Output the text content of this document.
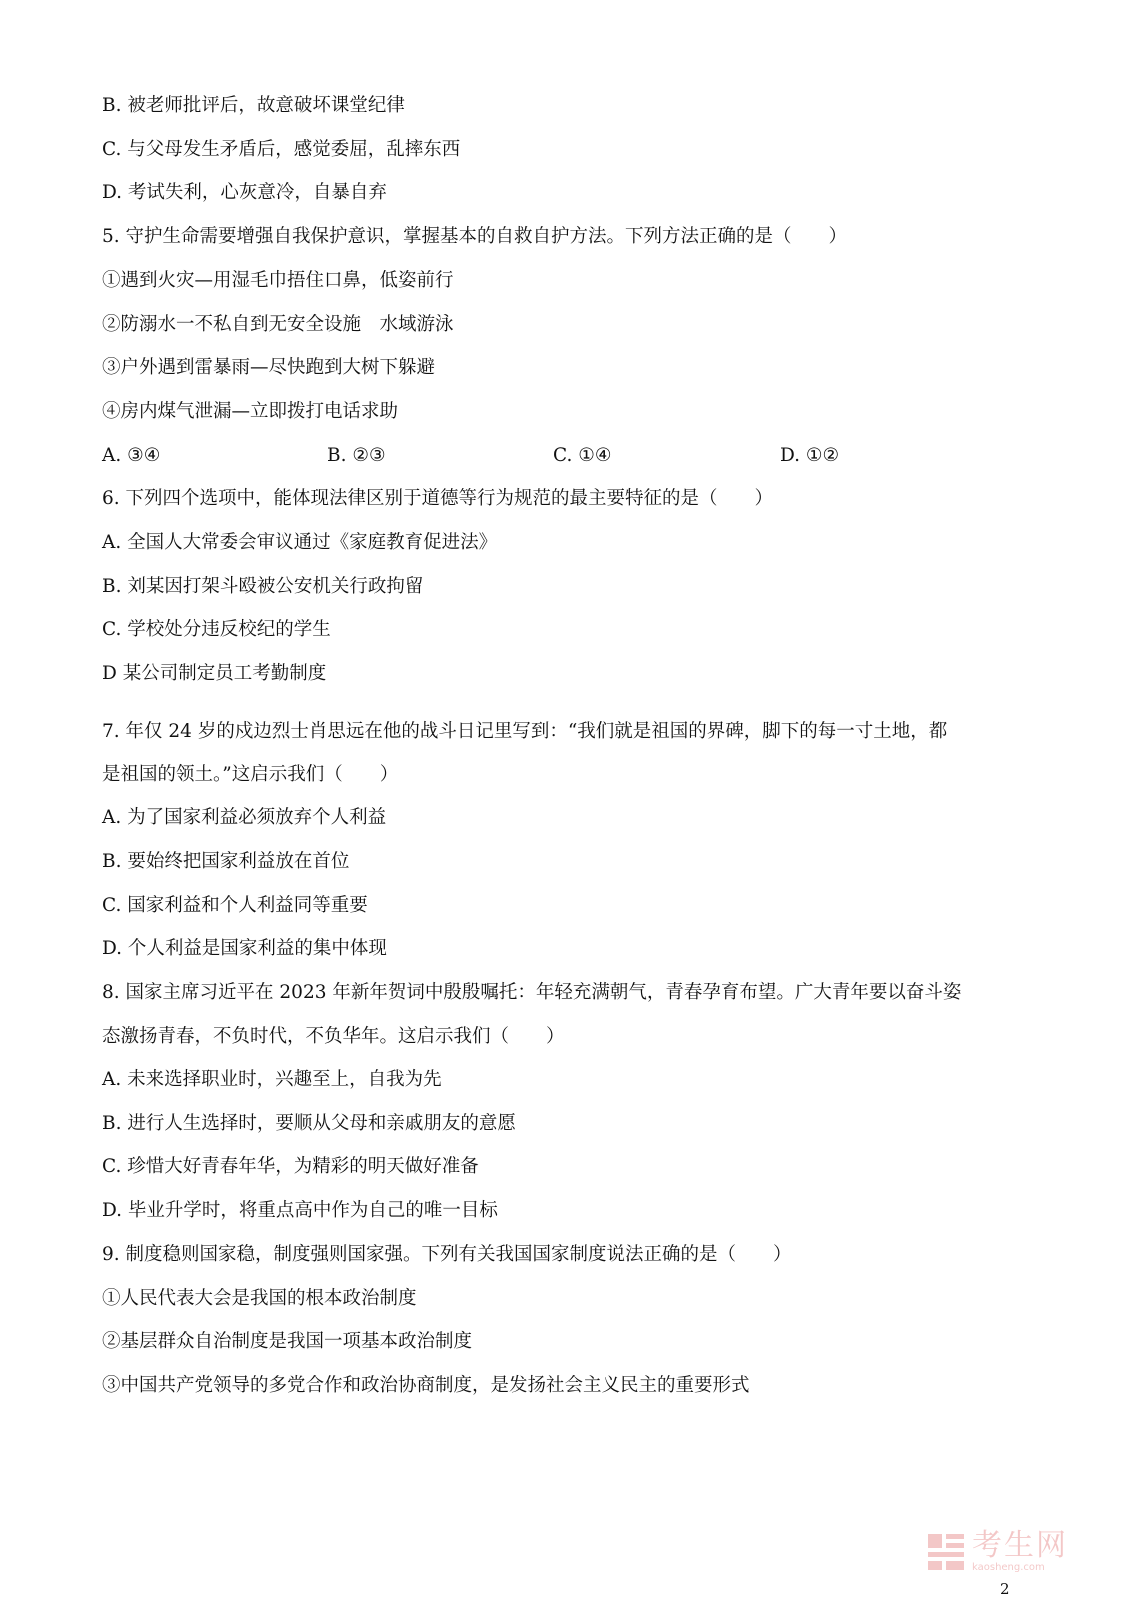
B. 被老师批评后，故意破坏课堂纪律
C. 与父母发生矛盾后，感觉委屈，乱摔东西
D. 考试失利，心灰意冷，自暴自弃
5. 守护生命需要增强自我保护意识，掌握基本的自救自护方法。下列方法正确的是（　　）
①遇到火灾—用湿毛巾捂住口鼻，低姿前行
②防溺水一不私自到无安全设施　水域游泳
③户外遇到雷暴雨—尽快跑到大树下躲避
④房内煤气泄漏—立即拨打电话求助
A. ③④	B. ②③	C. ①④	D. ①②
6. 下列四个选项中，能体现法律区别于道德等行为规范的最主要特征的是（　　）
A. 全国人大常委会审议通过《家庭教育促进法》
B. 刘某因打架斗殴被公安机关行政拘留
C. 学校处分违反校纪的学生
D 某公司制定员工考勤制度
7. 年仅 24 岁的戍边烈士肖思远在他的战斗日记里写到：“我们就是祖国的界碑，脚下的每一寸土地，都
是祖国的领土。”这启示我们（　　）
A. 为了国家利益必须放弃个人利益
B. 要始终把国家利益放在首位
C. 国家利益和个人利益同等重要
D. 个人利益是国家利益的集中体现
8. 国家主席习近平在 2023 年新年贺词中殷殷嘱托：年轻充满朝气，青春孕育布望。广大青年要以奋斗姿
态激扬青春，不负时代，不负华年。这启示我们（　　）
A. 未来选择职业时，兴趣至上，自我为先
B. 进行人生选择时，要顺从父母和亲戚朋友的意愿
C. 珍惜大好青春年华，为精彩的明天做好准备
D. 毕业升学时，将重点高中作为自己的唯一目标
9. 制度稳则国家稳，制度强则国家强。下列有关我国国家制度说法正确的是（　　）
①人民代表大会是我国的根本政治制度
②基层群众自治制度是我国一项基本政治制度
③中国共产党领导的多党合作和政治协商制度，是发扬社会主义民主的重要形式
考生网
kaosheng.com
2
